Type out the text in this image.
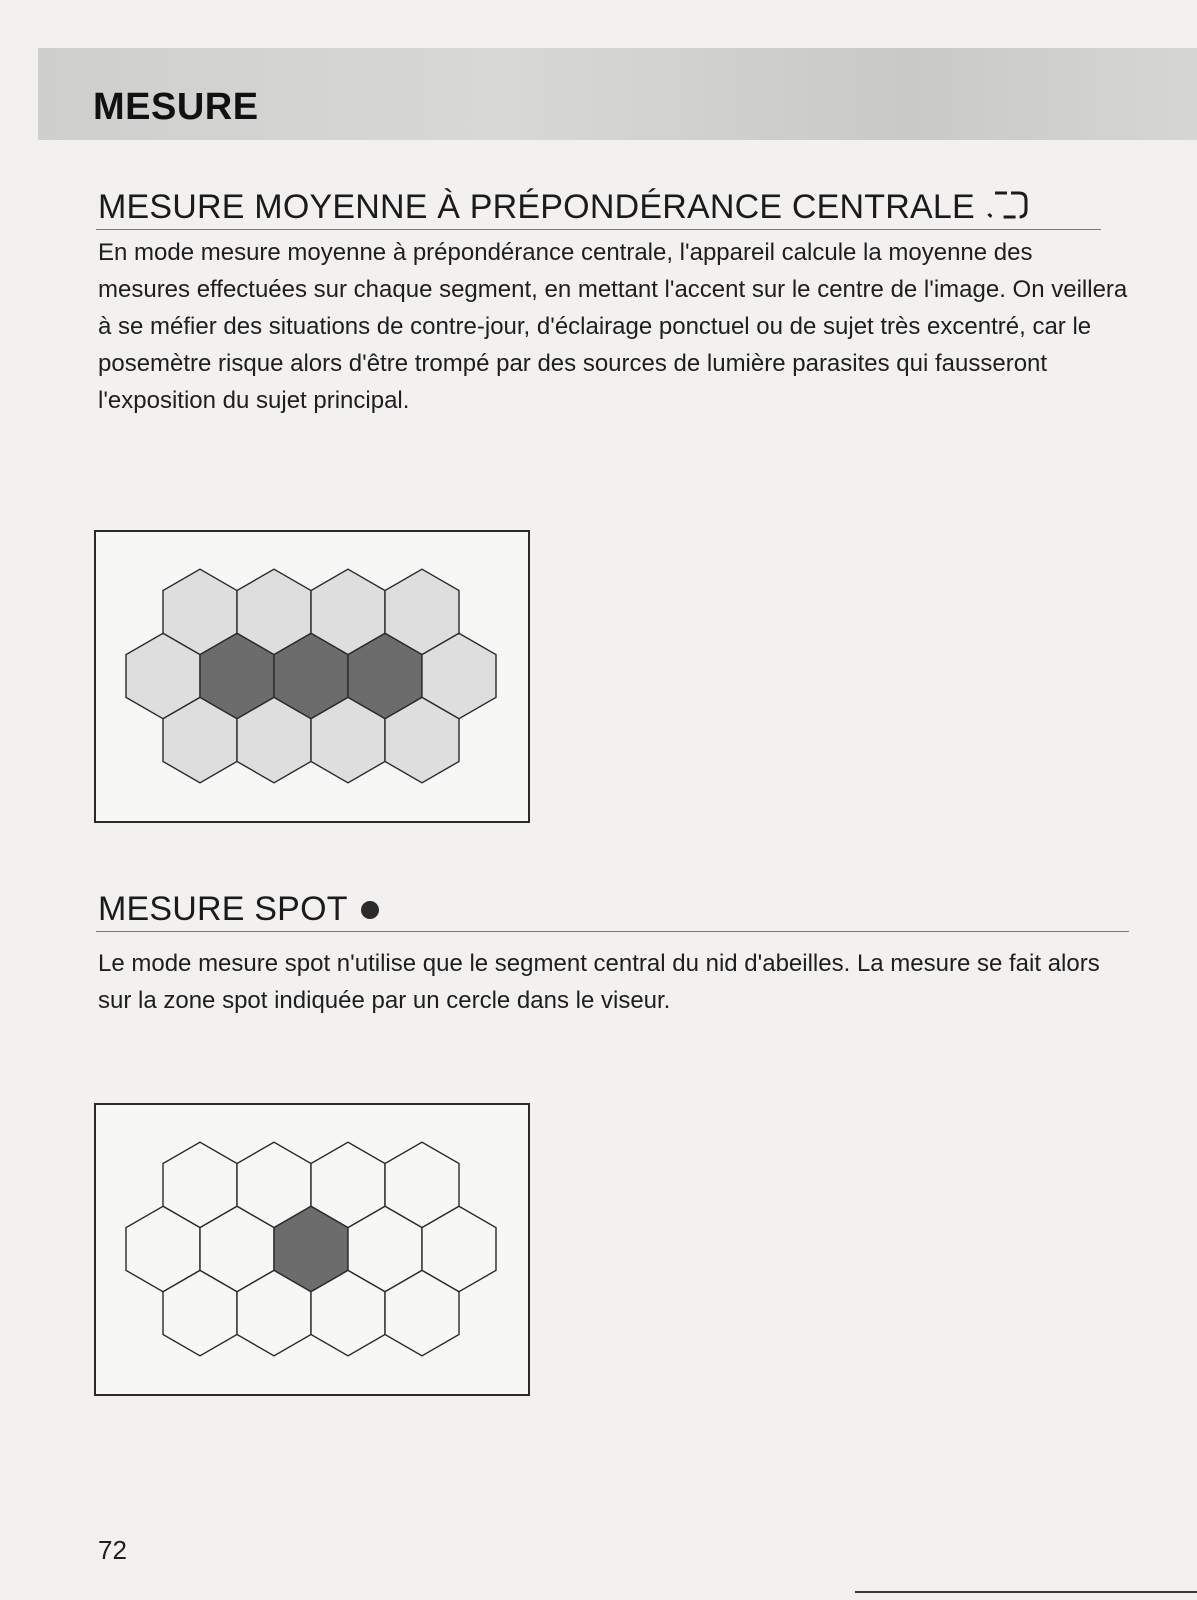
MESURE
MESURE MOYENNE À PRÉPONDÉRANCE CENTRALE

En mode mesure moyenne à prépondérance centrale, l'appareil calcule la moyenne des mesures effectuées sur chaque segment, en mettant l'accent sur le centre de l'image. On veillera à se méfier des situations de contre-jour, d'éclairage ponctuel ou de sujet très excentré, car le posemètre risque alors d'être trompé par des sources de lumière parasites qui fausseront l'exposition du sujet principal.

MESURE SPOT

Le mode mesure spot n'utilise que le segment central du nid d'abeilles. La mesure se fait alors sur la zone spot indiquée par un cercle dans le viseur.

72
